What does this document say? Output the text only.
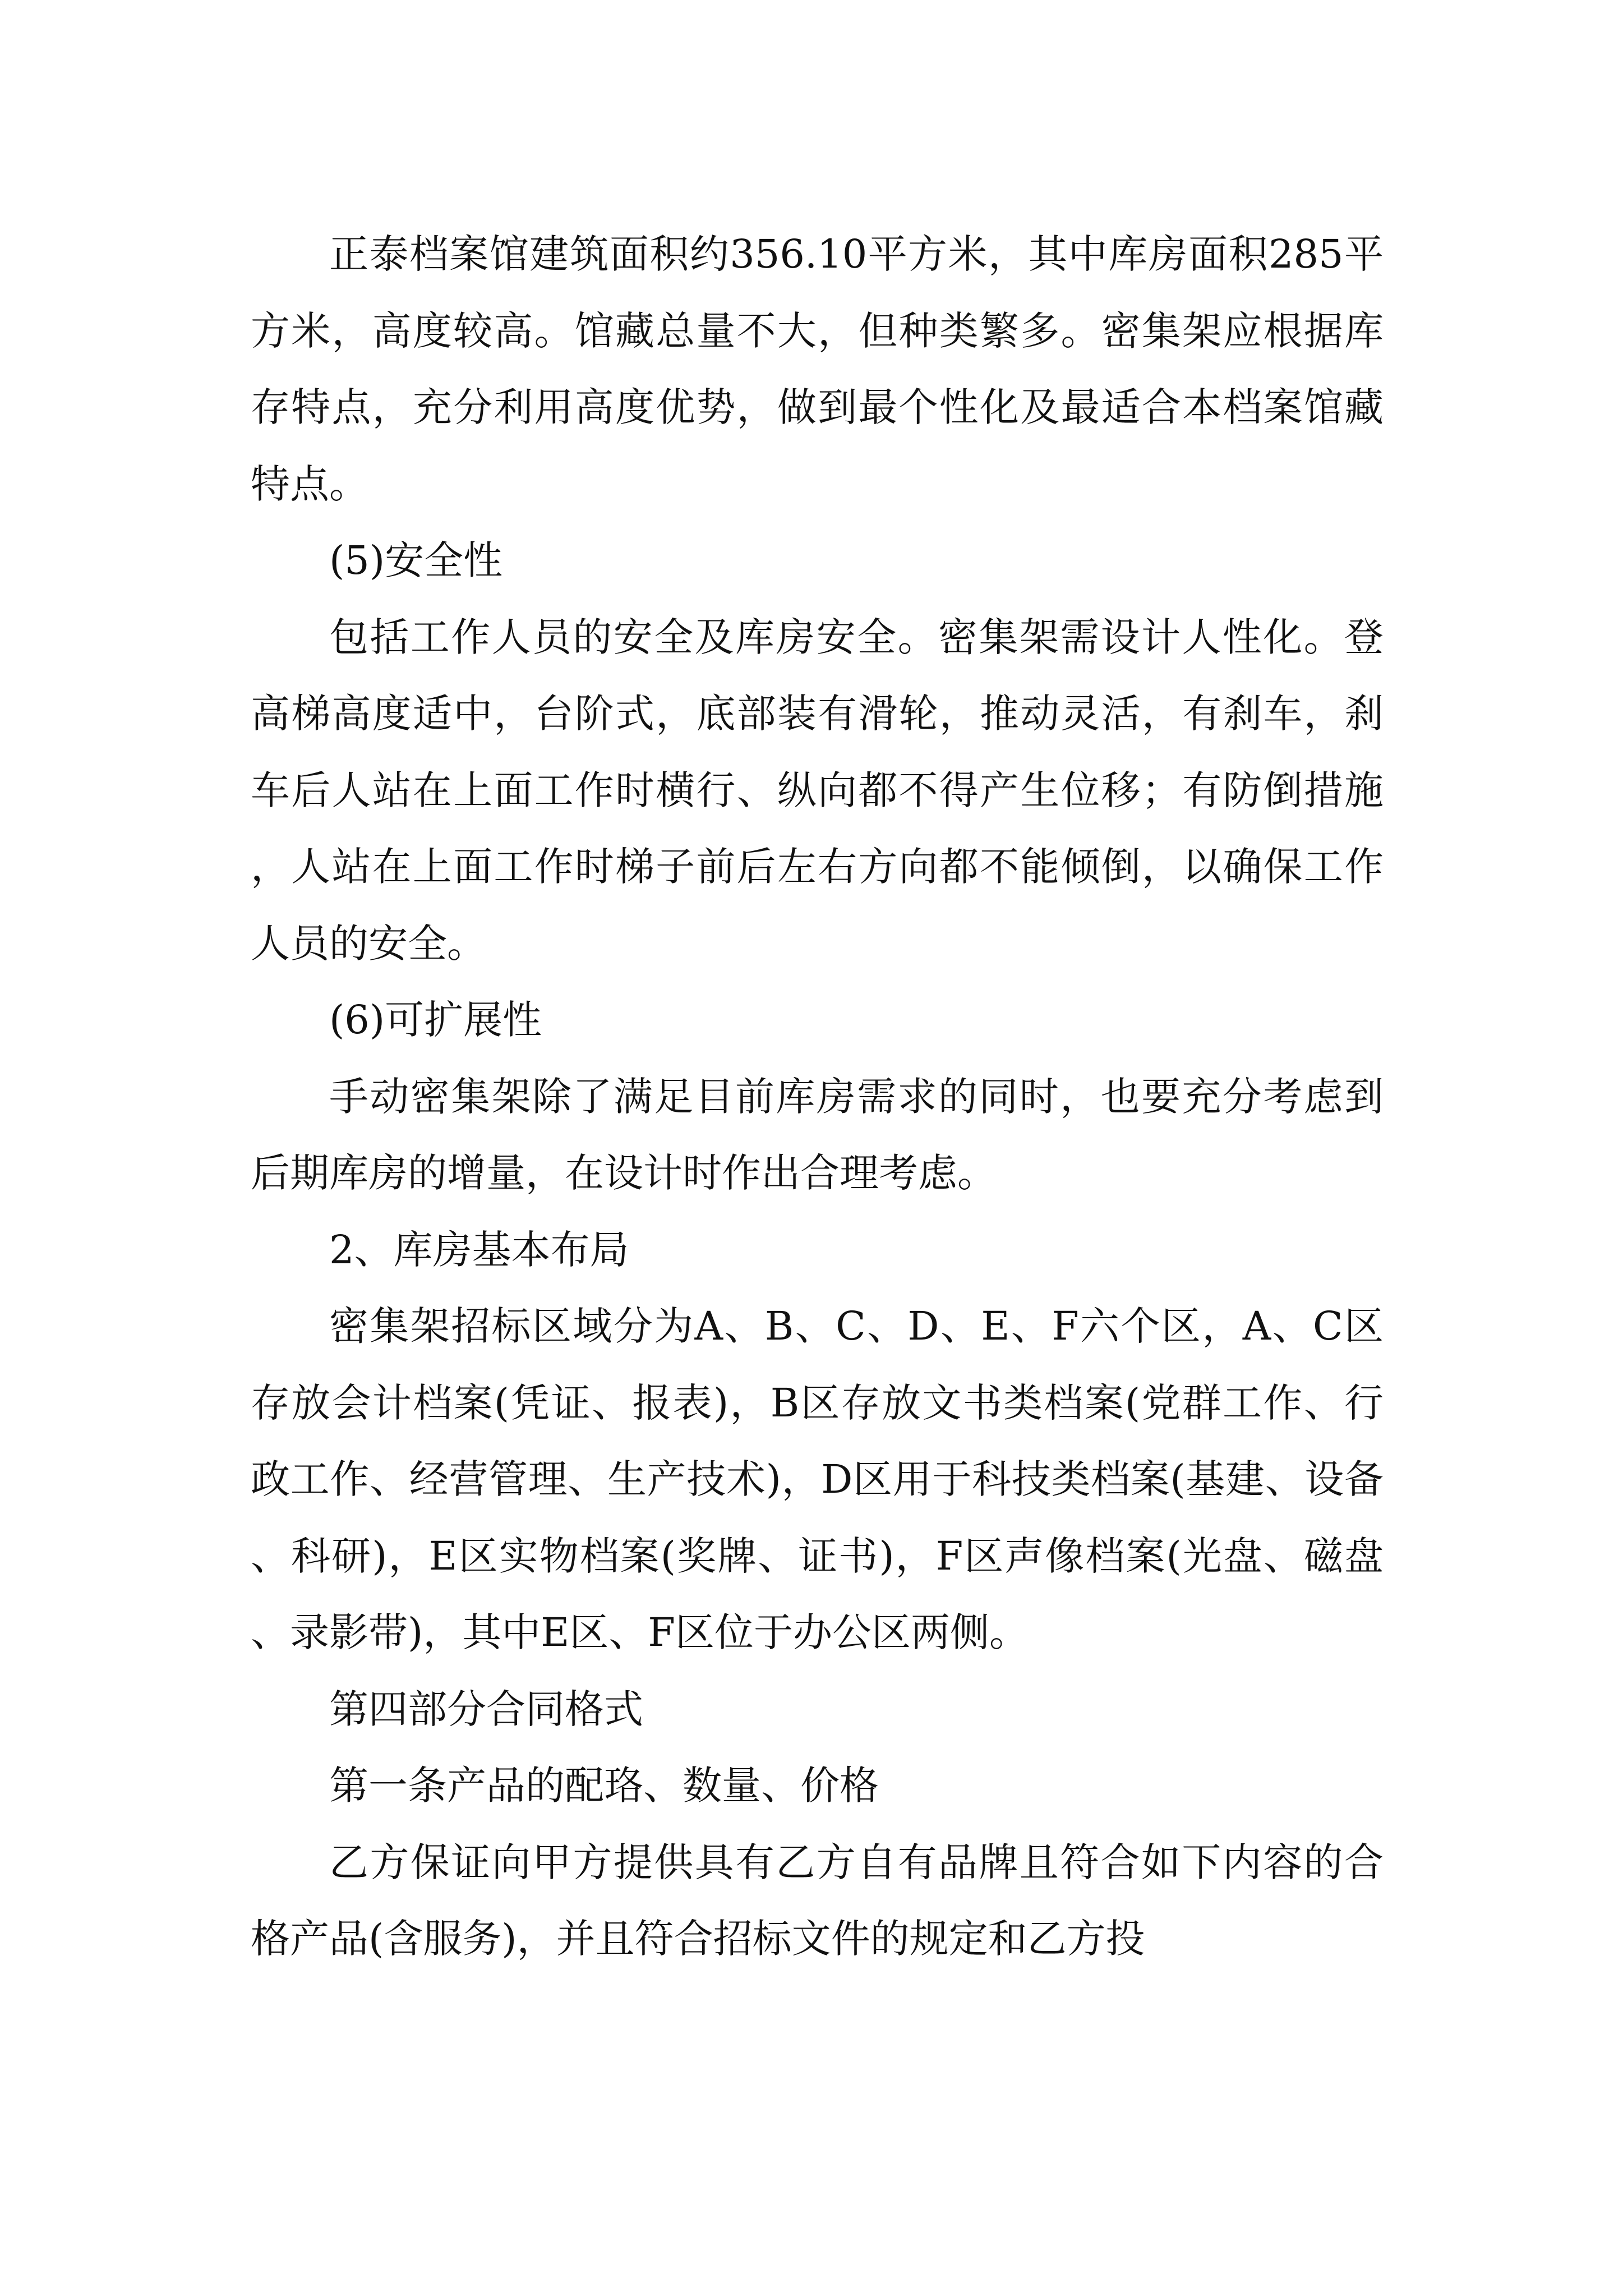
正泰档案馆建筑面积约356.10平方米，其中库房面积285平方米，高度较高。馆藏总量不大，但种类繁多。密集架应根据库存特点，充分利用高度优势，做到最个性化及最适合本档案馆藏特点。

(5)安全性

包括工作人员的安全及库房安全。密集架需设计人性化。登高梯高度适中，台阶式，底部装有滑轮，推动灵活，有刹车，刹车后人站在上面工作时横行、纵向都不得产生位移；有防倒措施，人站在上面工作时梯子前后左右方向都不能倾倒，以确保工作人员的安全。

(6)可扩展性

手动密集架除了满足目前库房需求的同时，也要充分考虑到后期库房的增量，在设计时作出合理考虑。

2、库房基本布局

密集架招标区域分为A、B、C、D、E、F六个区，A、C区存放会计档案(凭证、报表)，B区存放文书类档案(党群工作、行政工作、经营管理、生产技术)，D区用于科技类档案(基建、设备、科研)，E区实物档案(奖牌、证书)，F区声像档案(光盘、磁盘、录影带)，其中E区、F区位于办公区两侧。

第四部分合同格式

第一条产品的配珞、数量、价格

乙方保证向甲方提供具有乙方自有品牌且符合如下内容的合格产品(含服务)，并且符合招标文件的规定和乙方投
